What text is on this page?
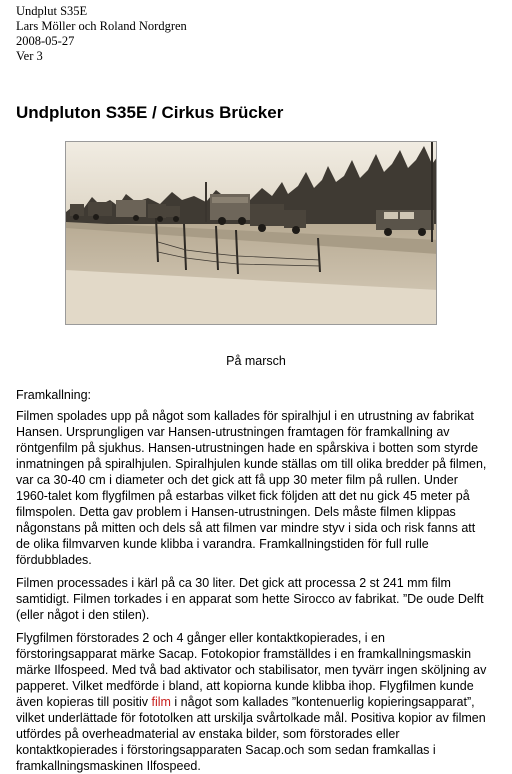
Undplut S35E
Lars Möller och Roland Nordgren
2008-05-27
Ver 3
Undpluton S35E / Cirkus Brücker
På marsch
Framkallning:
Filmen spolades upp på något som kallades för spiralhjul i en utrustning av fabrikat
Hansen. Ursprungligen var Hansen-utrustningen framtagen för framkallning av
röntgenfilm på sjukhus. Hansen-utrustningen hade en spårskiva i botten som styrde
inmatningen på spiralhjulen. Spiralhjulen kunde ställas om till olika bredder på filmen,
var ca 30-40 cm i diameter och det gick att få upp 30 meter film på rullen. Under
1960-talet kom flygfilmen på estarbas vilket fick följden att det nu gick 45 meter på
filmspolen. Detta gav problem i Hansen-utrustningen. Dels måste filmen klippas
någonstans på mitten och dels så att filmen var mindre styv i sida och risk fanns att
de olika filmvarven kunde klibba i varandra. Framkallningstiden för full rulle
fördubblades.
Filmen processades i kärl på ca 30 liter. Det gick att processa 2 st 241 mm film
samtidigt. Filmen torkades i en apparat som hette Sirocco av fabrikat. ”De oude Delft
(eller något i den stilen).
Flygfilmen förstorades 2 och 4 gånger eller kontaktkopierades, i en
förstoringsapparat märke Sacap. Fotokopior framställdes i en framkallningsmaskin
märke Ilfospeed. Med två bad aktivator och stabilisator, men tyvärr ingen sköljning av
papperet. Vilket medförde i bland, att kopiorna kunde klibba ihop. Flygfilmen kunde
även kopieras till positiv film i något som kallades ”kontenuerlig kopieringsapparat”,
vilket underlättade för fototolken att urskilja svårtolkade mål. Positiva kopior av filmen
utfördes på overheadmaterial av enstaka bilder, som förstorades eller
kontaktkopierades i förstoringsapparaten Sacap.och som sedan framkallas i
framkallningsmaskinen Ilfospeed.
